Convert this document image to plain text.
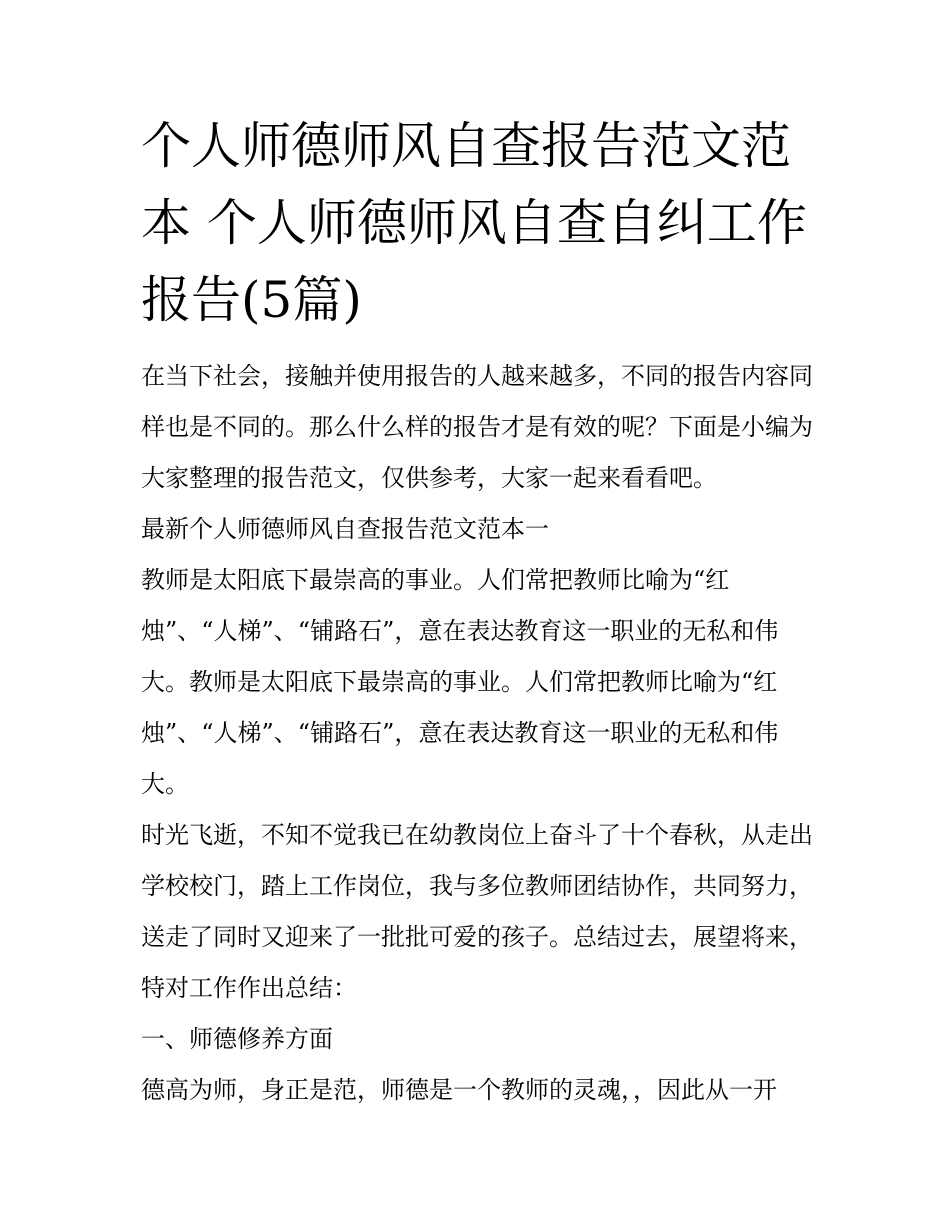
个人师德师风自查报告范文范本 个人师德师风自查自纠工作报告(5篇)

在当下社会，接触并使用报告的人越来越多，不同的报告内容同样也是不同的。那么什么样的报告才是有效的呢？下面是小编为大家整理的报告范文，仅供参考，大家一起来看看吧。

最新个人师德师风自查报告范文范本一

教师是太阳底下最崇高的事业。人们常把教师比喻为“红烛”、“人梯”、“铺路石”，意在表达教育这一职业的无私和伟大。教师是太阳底下最崇高的事业。人们常把教师比喻为“红烛”、“人梯”、“铺路石”，意在表达教育这一职业的无私和伟大。

时光飞逝，不知不觉我已在幼教岗位上奋斗了十个春秋，从走出学校校门，踏上工作岗位，我与多位教师团结协作，共同努力，送走了同时又迎来了一批批可爱的孩子。总结过去，展望将来，特对工作作出总结：

一、师德修养方面

德高为师，身正是范，师德是一个教师的灵魂，，因此从一开
